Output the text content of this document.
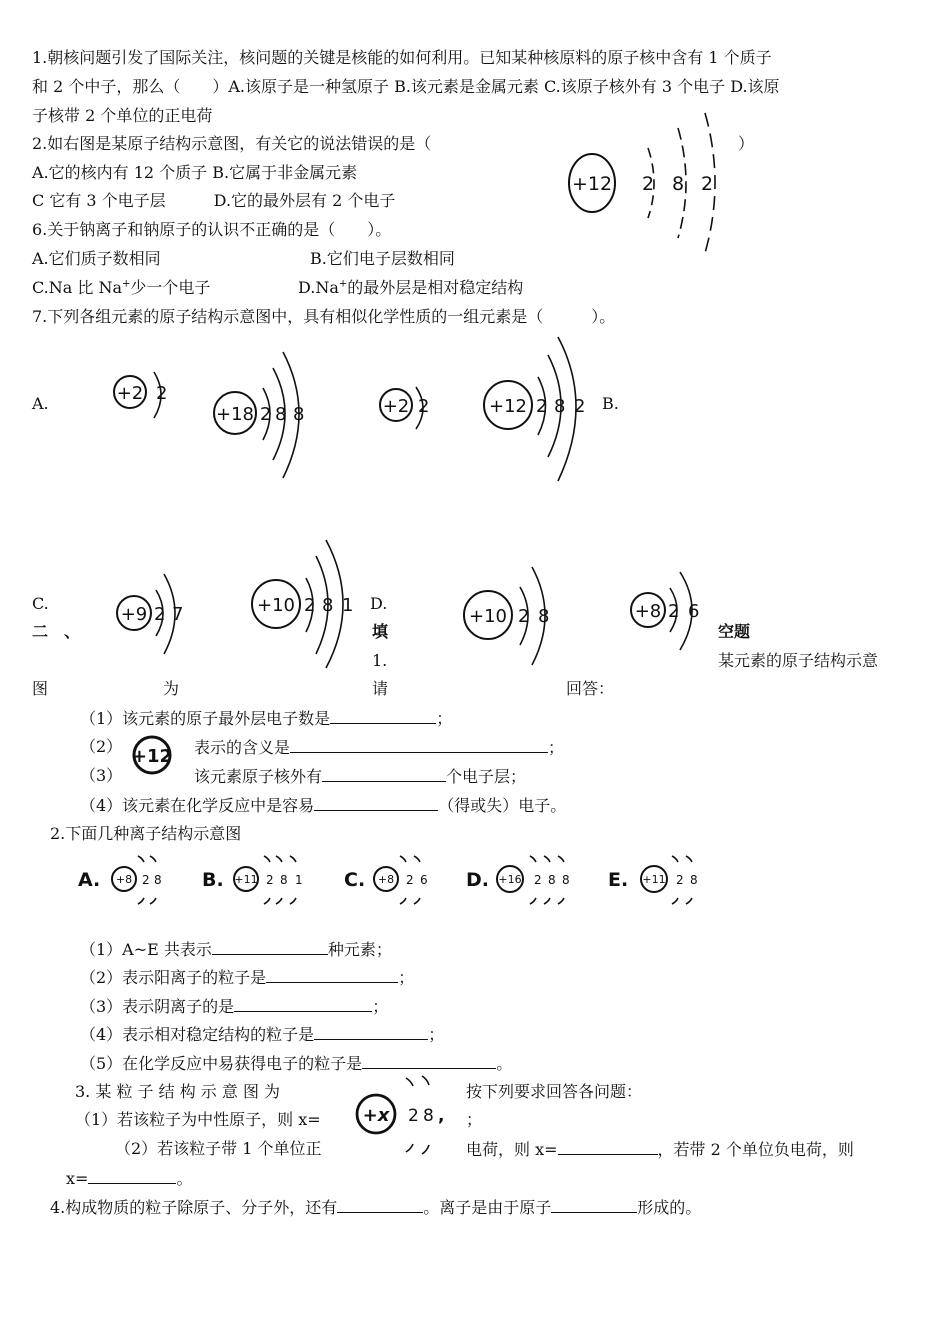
1.朝核问题引发了国际关注，核问题的关键是核能的如何利用。已知某种核原料的原子核中含有 1 个质子
和 2 个中子，那么（　　）A.该原子是一种氢原子 B.该元素是金属元素 C.该原子核外有 3 个电子 D.该原
子核带 2 个单位的正电荷
2.如右图是某原子结构示意图，有关它的说法错误的是（	）
A.它的核内有 12 个质子 B.它属于非金属元素
C 它有 3 个电子层　　　D.它的最外层有 2 个电子
+12 2 8 2
6.关于钠离子和钠原子的认识不正确的是（　　）。
A.它们质子数相同	B.它们电子层数相同
C.Na 比 Na+少一个电子	D.Na+的最外层是相对稳定结构
7.下列各组元素的原子结构示意图中，具有相似化学性质的一组元素是（　　　）。
A.	B.
C.	D.
+2 2
+18 2 8 8	+2 2	+12 2 8 2
+9 2 7	+10 2 8 1
+10 2 8	+8 2 6
二　、	填	空题
1.	某元素的原子结构示意
图	为	请	回答：
（1）该元素的原子最外层电子数是	；
（2） +12 表示的含义是	；
（3）	该元素原子核外有	个电子层；
（4）该元素在化学反应中是容易	（得或失）电子。
2.下面几种离子结构示意图
A. +8 2 8 B. +11 2 8 1 C. +8 2 6 D. +16 2 8 8 E. +11 2 8
（1）A~E 共表示	种元素；
（2）表示阳离子的粒子是	；
（3）表示阴离子的是	；
（4）表示相对稳定结构的粒子是	；
（5）在化学反应中易获得电子的粒子是	。
3. 某 粒 子 结 构 示 意 图 为
+x 2 8 ,
按下列要求回答各问题：
（1）若该粒子为中性原子，则 x=	；
（2）若该粒子带 1 个单位正	电荷，则 x=	，若带 2 个单位负电荷，则
x=	。
4.构成物质的粒子除原子、分子外，还有	。离子是由于原子	形成的。
